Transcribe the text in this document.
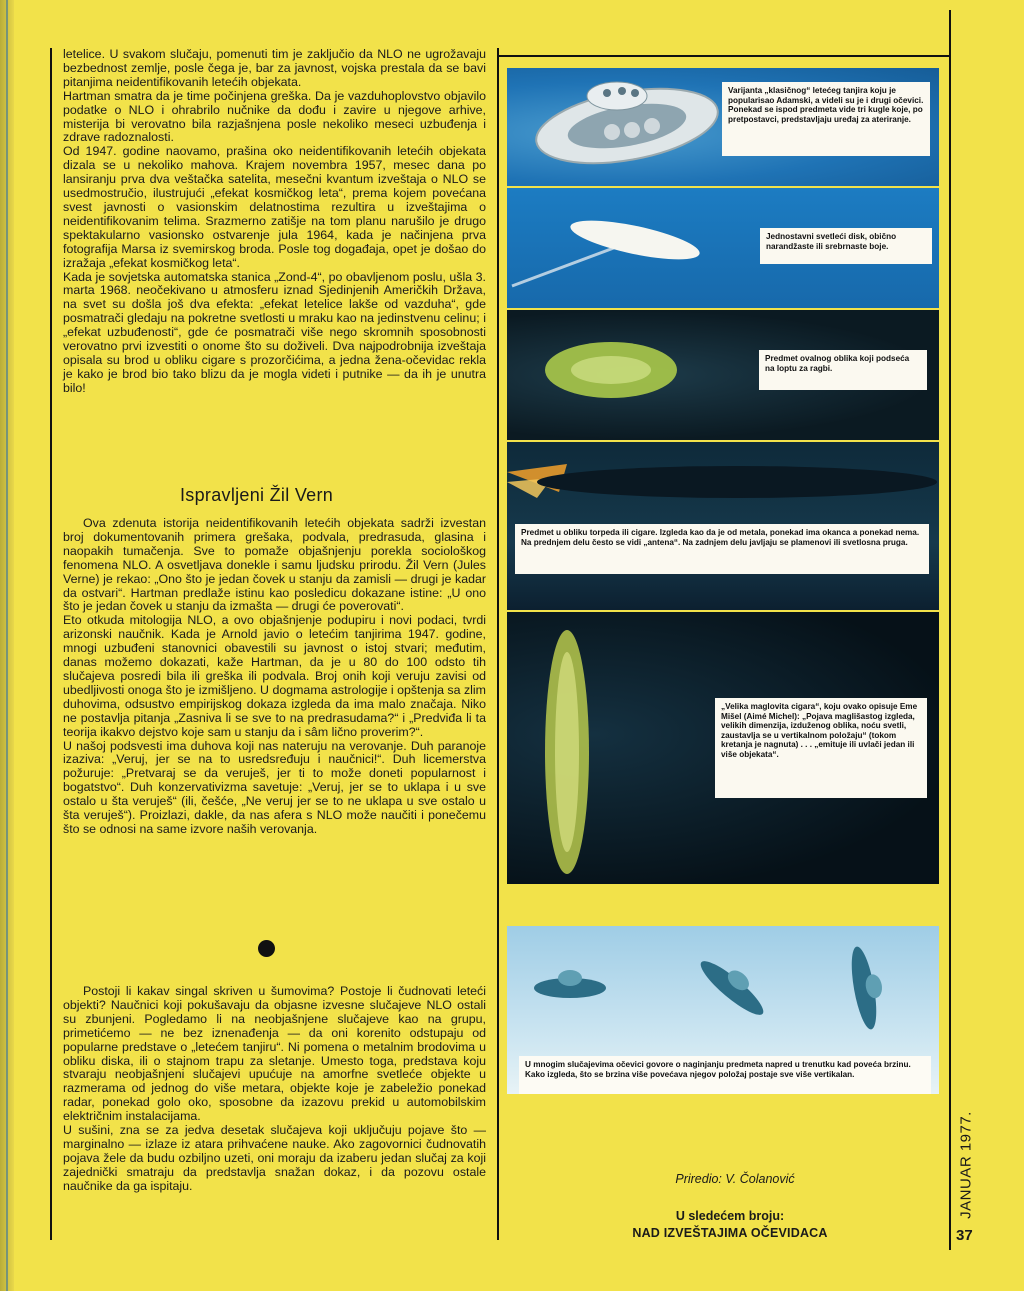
letelice. U svakom slučaju, pomenuti tim je zaključio da NLO ne ugrožavaju bezbednost zemlje, posle čega je, bar za javnost, vojska prestala da se bavi pitanjima neidentifikovanih letećih objekata.

Hartman smatra da je time počinjena greška. Da je vazduhoplovstvo objavilo podatke o NLO i ohrabrilo nučnike da dođu i zavire u njegove arhive, misterija bi verovatno bila razjašnjena posle nekoliko meseci uzbuđenja i zdrave radoznalosti.

Od 1947. godine naovamo, prašina oko neidentifikovanih letećih objekata dizala se u nekoliko mahova. Krajem novembra 1957, mesec dana po lansiranju prva dva veštačka satelita, mesečni kvantum izveštaja o NLO se usedmostručio, ilustrujući „efekat kosmičkog leta“, prema kojem povećana svest javnosti o vasionskim delatnostima rezultira u izveštajima o neidentifikovanim telima. Srazmerno zatišje na tom planu narušilo je drugo spektakularno vasionsko ostvarenje jula 1964, kada je načinjena prva fotografija Marsa iz svemirskog broda. Posle tog događaja, opet je došao do izražaja „efekat kosmičkog leta“.

Kada je sovjetska automatska stanica „Zond-4“, po obavljenom poslu, ušla 3. marta 1968. neočekivano u atmosferu iznad Sjedinjenih Američkih Država, na svet su došla još dva efekta: „efekat letelice lakše od vazduha“, gde posmatrači gledaju na pokretne svetlosti u mraku kao na jedinstvenu celinu; i „efekat uzbuđenosti“, gde će posmatrači više nego skromnih sposobnosti verovatno prvi izvestiti o onome što su doživeli. Dva najpodrobnija izveštaja opisala su brod u obliku cigare s prozorčićima, a jedna žena-očevidac rekla je kako je brod bio tako blizu da je mogla videti i putnike — da ih je unutra bilo!

Ispravljeni Žil Vern

Ova zdenuta istorija neidentifikovanih letećih objekata sadrži izvestan broj dokumentovanih primera grešaka, podvala, predrasuda, glasina i naopakih tumačenja. Sve to pomaže objašnjenju porekla sociološkog fenomena NLO. A osvetljava donekle i samu ljudsku prirodu. Žil Vern (Jules Verne) je rekao: „Ono što je jedan čovek u stanju da zamisli — drugi je kadar da ostvari“. Hartman predlaže istinu kao posledicu dokazane istine: „U ono što je jedan čovek u stanju da izmašta — drugi će poverovati“.

Eto otkuda mitologija NLO, a ovo objašnjenje podupiru i novi podaci, tvrdi arizonski naučnik. Kada je Arnold javio o letećim tanjirima 1947. godine, mnogi uzbuđeni stanovnici obavestili su javnost o istoj stvari; međutim, danas možemo dokazati, kaže Hartman, da je u 80 do 100 odsto tih slučajeva posredi bila ili greška ili podvala. Broj onih koji veruju zavisi od ubedljivosti onoga što je izmišljeno. U dogmama astrologije i opštenja sa zlim duhovima, odsustvo empirijskog dokaza izgleda da ima malo značaja. Niko ne postavlja pitanja „Zasniva li se sve to na predrasudama?“ i „Predviđa li ta teorija ikakvo dejstvo koje sam u stanju da i sâm lično proverim?“.

U našoj podsvesti ima duhova koji nas nateruju na verovanje. Duh paranoje izaziva: „Veruj, jer se na to usredsređuju i naučnici!“. Duh licemerstva požuruje: „Pretvaraj se da veruješ, jer ti to može doneti popularnost i bogatstvo“. Duh konzervativizma savetuje: „Veruj, jer se to uklapa i u sve ostalo u šta veruješ“ (ili, češće, „Ne veruj jer se to ne uklapa u sve ostalo u šta veruješ“). Proizlazi, dakle, da nas afera s NLO može naučiti i ponečemu što se odnosi na same izvore naših verovanja.

Postoji li kakav singal skriven u šumovima? Postoje li čudnovati leteći objekti? Naučnici koji pokušavaju da objasne izvesne slučajeve NLO ostali su zbunjeni. Pogledamo li na neobjašnjene slučajeve kao na grupu, primetićemo — ne bez iznenađenja — da oni korenito odstupaju od popularne predstave o „letećem tanjiru“. Ni pomena o metalnim brodovima u obliku diska, ili o stajnom trapu za sletanje. Umesto toga, predstava koju stvaraju neobjašnjeni slučajevi upućuje na amorfne svetleće objekte u razmerama od jednog do više metara, objekte koje je zabeležio ponekad radar, ponekad golo oko, sposobne da izazovu prekid u automobilskim električnim instalacijama.

U sušini, zna se za jedva desetak slučajeva koji uključuju pojave što — marginalno — izlaze iz atara prihvaćene nauke. Ako zagovornici čudnovatih pojava žele da budu ozbiljno uzeti, oni moraju da izaberu jedan slučaj za koji zajednički smatraju da predstavlja snažan dokaz, i da pozovu ostale naučnike da ga ispitaju.

Varijanta „klasičnog“ letećeg tanjira koju je popularisao Adamski, a videli su je i drugi očevici. Ponekad se ispod predmeta vide tri kugle koje, po pretpostavci, predstavljaju uređaj za ateriranje.
Jednostavni svetleći disk, obično narandžaste ili srebrnaste boje.
Predmet ovalnog oblika koji podseća na loptu za ragbi.
Predmet u obliku torpeda ili cigare. Izgleda kao da je od metala, ponekad ima okanca a ponekad nema. Na prednjem delu često se vidi „antena“. Na zadnjem delu javljaju se plamenovi ili svetlosna pruga.
„Velika maglovita cigara“, koju ovako opisuje Eme Mišel (Aimé Michel): „Pojava maglišastog izgleda, velikih dimenzija, izduženog oblika, noću svetli, zaustavlja se u vertikalnom položaju“ (tokom kretanja je nagnuta) . . . „emituje ili uvlači jedan ili više objekata“.
U mnogim slučajevima očevici govore o naginjanju predmeta napred u trenutku kad poveća brzinu. Kako izgleda, što se brzina više povećava njegov položaj postaje sve više vertikalan.
Priredio: V. Čolanović
U sledećem broju:
NAD IZVEŠTAJIMA OČEVIDACA
JANUAR 1977.
37
